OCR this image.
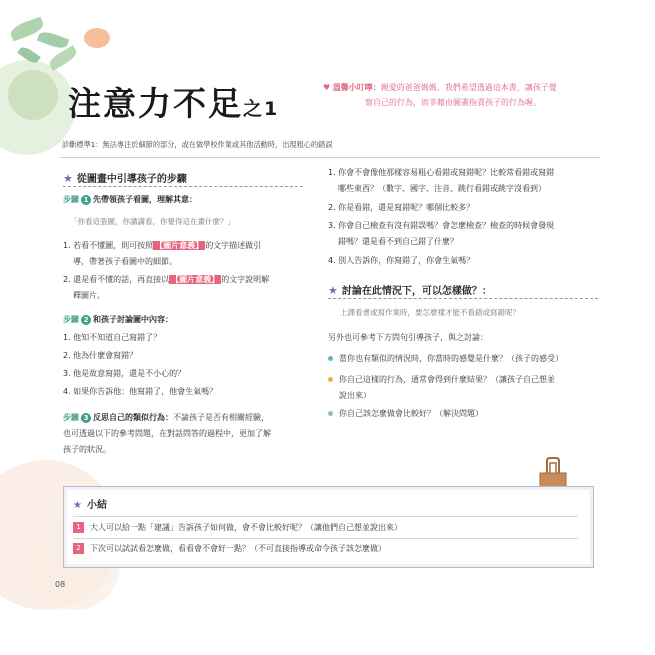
注意力不足之1
♥ 溫馨小叮嚀：親愛的爸爸媽媽，我們希望透過這本書，讓孩子覺
察自己的行為，而非藉由圖畫指責孩子的行為喔。
診斷標準1：無法專注於細節的部分，或在做學校作業或其他活動時，出現粗心的錯誤
★ 從圖畫中引導孩子的步驟
步驟 1 先帶領孩子看圖，理解其意：
「你看這張圖，你講講看，你覺得這在畫什麼？」
1. 若看不懂圖，則可按照 【圖片意義】 的文字描述做引
導，帶著孩子看圖中的細節。
2. 還是看不懂的話，再直接以 【圖片意義】 的文字說明解
釋圖片。
步驟 2 和孩子討論圖中內容：
1. 他知不知道自己寫錯了？
2. 他為什麼會寫錯？
3. 他是故意寫錯，還是不小心的？
4. 如果你告訴他：他寫錯了，他會生氣嗎？
步驟 3 反思自己的類似行為：不論孩子是否有相關經驗，
也可透過以下的參考問題，在對話問答的過程中，更加了解
孩子的狀況。
1. 你會不會像他那樣容易粗心看錯或寫錯呢？比較常看錯或寫錯
哪些東西？（數字、國字、注音、跳行看錯或跳字沒看到）
2. 你是看錯，還是寫錯呢？哪個比較多？
3. 你會自己檢查有沒有錯誤嗎？會怎麼檢查？檢查的時候會發現
錯嗎？還是看不到自己錯了什麼？
4. 別人告訴你，你寫錯了，你會生氣嗎？
★ 討論在此情況下，可以怎樣做？：
上課看書或寫作業時，要怎麼樣才能不看錯或寫錯呢？
另外也可參考下方問句引導孩子，與之討論：
當你也有類似的情況時，你當時的感覺是什麼？（孩子的感受）
你自己這樣的行為，通常會得到什麼結果？（讓孩子自己想並
說出來）
你自己該怎麼做會比較好？（解決問題）
★ 小結
1 大人可以給一點「建議」告訴孩子如何做，會不會比較好呢？（讓他們自己想並說出來）
2 下次可以試試看怎麼做，看看會不會好一點？（不可直接指導或命令孩子該怎麼做）
08
